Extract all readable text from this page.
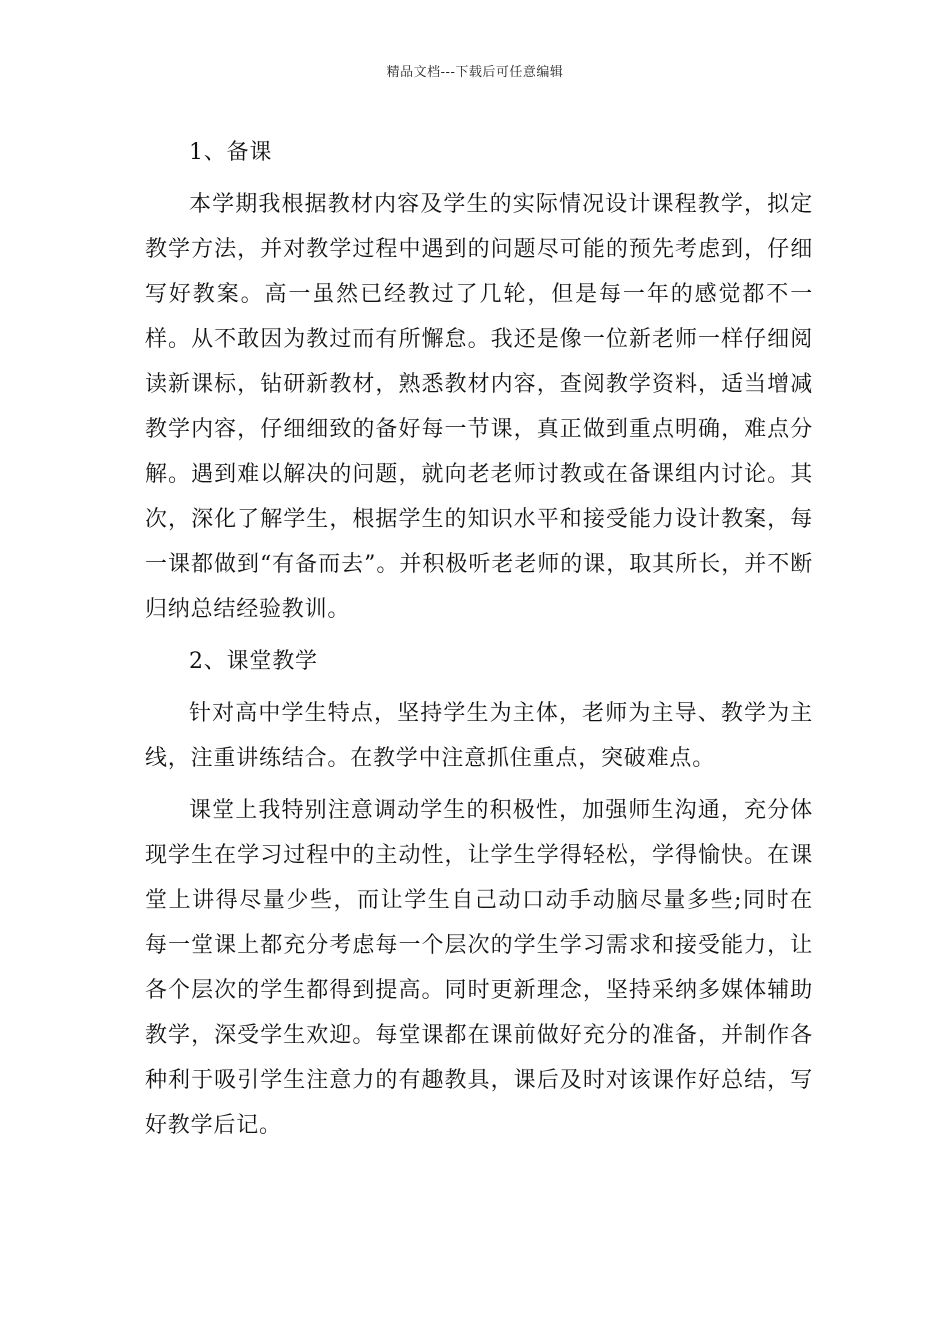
精品文档---下载后可任意编辑

1、备课

本学期我根据教材内容及学生的实际情况设计课程教学，拟定教学方法，并对教学过程中遇到的问题尽可能的预先考虑到，仔细写好教案。高一虽然已经教过了几轮，但是每一年的感觉都不一样。从不敢因为教过而有所懈怠。我还是像一位新老师一样仔细阅读新课标，钻研新教材，熟悉教材内容，查阅教学资料，适当增减教学内容，仔细细致的备好每一节课，真正做到重点明确，难点分解。遇到难以解决的问题，就向老老师讨教或在备课组内讨论。其次，深化了解学生，根据学生的知识水平和接受能力设计教案，每一课都做到“有备而去”。并积极听老老师的课，取其所长，并不断归纳总结经验教训。

2、课堂教学

针对高中学生特点，坚持学生为主体，老师为主导、教学为主线，注重讲练结合。在教学中注意抓住重点，突破难点。

课堂上我特别注意调动学生的积极性，加强师生沟通，充分体现学生在学习过程中的主动性，让学生学得轻松，学得愉快。在课堂上讲得尽量少些，而让学生自己动口动手动脑尽量多些;同时在每一堂课上都充分考虑每一个层次的学生学习需求和接受能力，让各个层次的学生都得到提高。同时更新理念，坚持采纳多媒体辅助教学，深受学生欢迎。每堂课都在课前做好充分的准备，并制作各种利于吸引学生注意力的有趣教具，课后及时对该课作好总结，写好教学后记。
